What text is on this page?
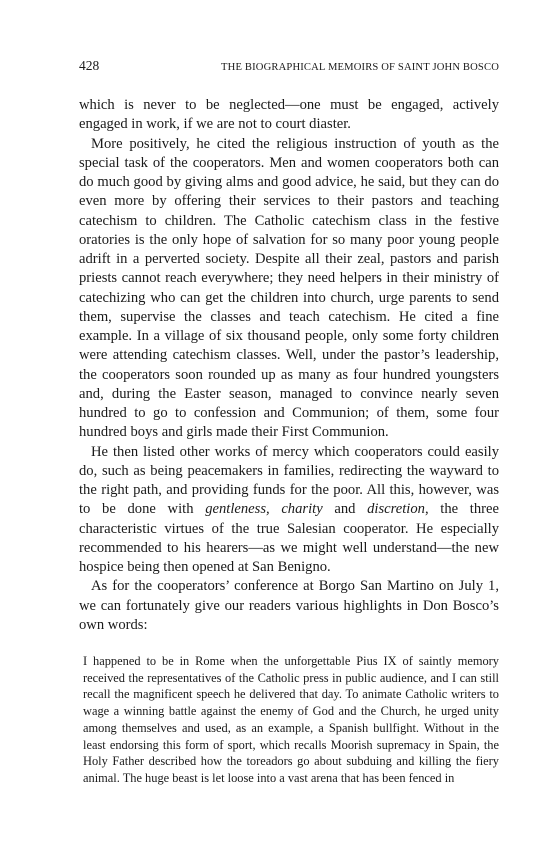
428	THE BIOGRAPHICAL MEMOIRS OF SAINT JOHN BOSCO

which is never to be neglected—one must be engaged, actively engaged in work, if we are not to court diaster.

More positively, he cited the religious instruction of youth as the special task of the cooperators. Men and women cooperators both can do much good by giving alms and good advice, he said, but they can do even more by offering their services to their pastors and teaching catechism to children. The Catholic catechism class in the festive oratories is the only hope of salvation for so many poor young people adrift in a perverted society. Despite all their zeal, pastors and parish priests cannot reach everywhere; they need helpers in their ministry of catechizing who can get the children into church, urge parents to send them, supervise the classes and teach catechism. He cited a fine example. In a village of six thousand people, only some forty children were attending catechism classes. Well, under the pastor’s leadership, the cooperators soon rounded up as many as four hundred youngsters and, during the Easter season, managed to convince nearly seven hundred to go to confession and Communion; of them, some four hundred boys and girls made their First Communion.

He then listed other works of mercy which cooperators could easily do, such as being peacemakers in families, redirecting the wayward to the right path, and providing funds for the poor. All this, however, was to be done with gentleness, charity and discretion, the three characteristic virtues of the true Salesian cooperator. He especially recommended to his hearers—as we might well understand—the new hospice being then opened at San Benigno.

As for the cooperators’ conference at Borgo San Martino on July 1, we can fortunately give our readers various highlights in Don Bosco’s own words:

I happened to be in Rome when the unforgettable Pius IX of saintly memory received the representatives of the Catholic press in public audience, and I can still recall the magnificent speech he delivered that day. To animate Catholic writers to wage a winning battle against the enemy of God and the Church, he urged unity among themselves and used, as an example, a Spanish bullfight. Without in the least endorsing this form of sport, which recalls Moorish supremacy in Spain, the Holy Father described how the toreadors go about subduing and killing the fiery animal. The huge beast is let loose into a vast arena that has been fenced in
